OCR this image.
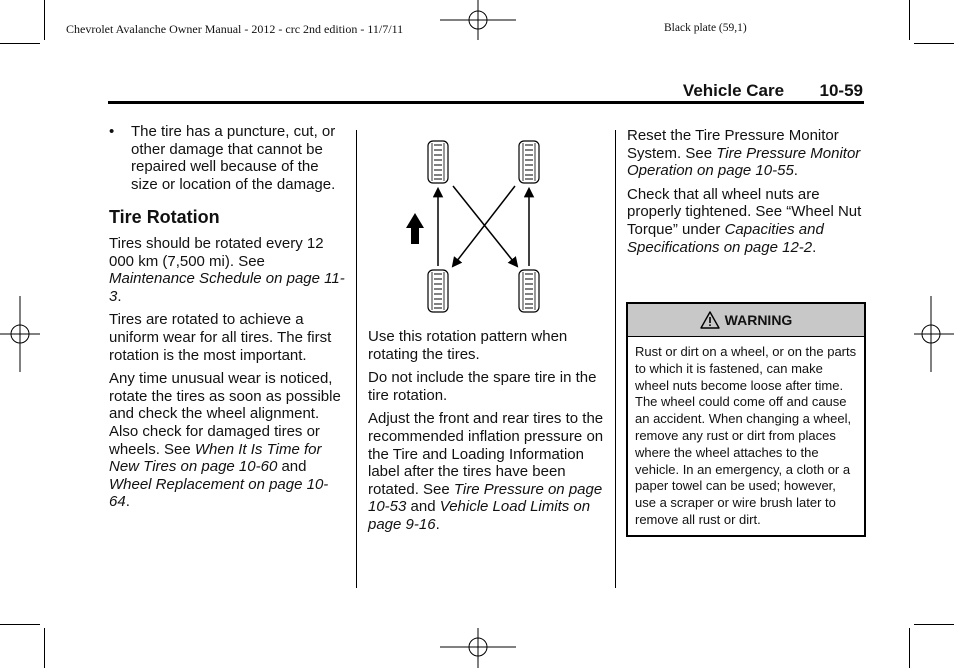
Chevrolet Avalanche Owner Manual - 2012 - crc 2nd edition - 11/7/11	Black plate (59,1)
Vehicle Care 10-59
• The tire has a puncture, cut, or other damage that cannot be repaired well because of the size or location of the damage.
Tire Rotation

Tires should be rotated every 12 000 km (7,500 mi). See Maintenance Schedule on page 11-3.

Tires are rotated to achieve a uniform wear for all tires. The first rotation is the most important.

Any time unusual wear is noticed, rotate the tires as soon as possible and check the wheel alignment. Also check for damaged tires or wheels. See When It Is Time for New Tires on page 10-60 and Wheel Replacement on page 10-64.

Use this rotation pattern when rotating the tires.

Do not include the spare tire in the tire rotation.

Adjust the front and rear tires to the recommended inflation pressure on the Tire and Loading Information label after the tires have been rotated. See Tire Pressure on page 10-53 and Vehicle Load Limits on page 9-16.

Reset the Tire Pressure Monitor System. See Tire Pressure Monitor Operation on page 10-55.

Check that all wheel nuts are properly tightened. See “Wheel Nut Torque” under Capacities and Specifications on page 12-2.

WARNING
Rust or dirt on a wheel, or on the parts to which it is fastened, can make wheel nuts become loose after time. The wheel could come off and cause an accident. When changing a wheel, remove any rust or dirt from places where the wheel attaches to the vehicle. In an emergency, a cloth or a paper towel can be used; however, use a scraper or wire brush later to remove all rust or dirt.
